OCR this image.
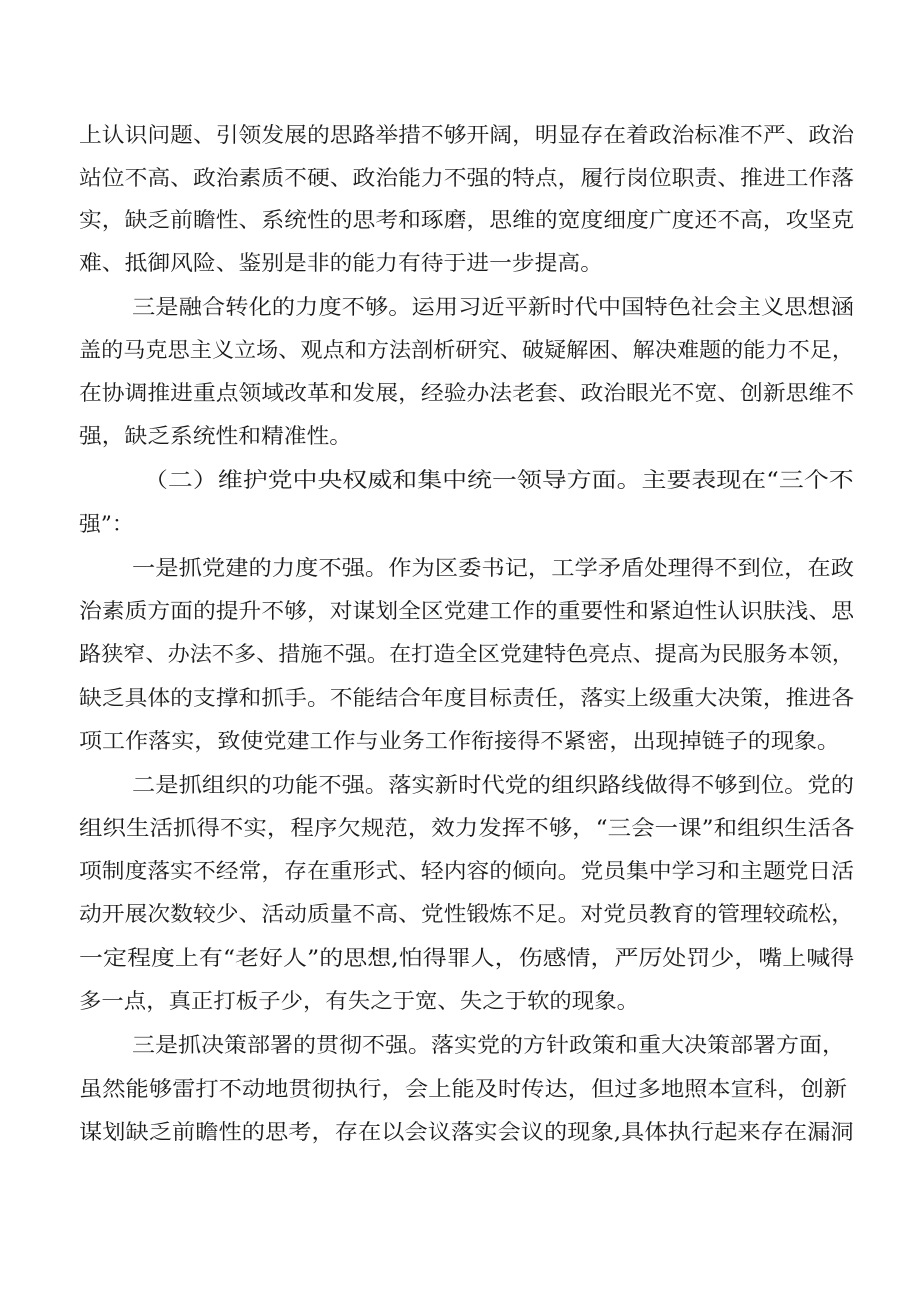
上认识问题、引领发展的思路举措不够开阔，明显存在着政治标准不严、政治
站位不高、政治素质不硬、政治能力不强的特点，履行岗位职责、推进工作落
实，缺乏前瞻性、系统性的思考和琢磨，思维的宽度细度广度还不高，攻坚克
难、抵御风险、鉴别是非的能力有待于进一步提高。
三是融合转化的力度不够。运用习近平新时代中国特色社会主义思想涵
盖的马克思主义立场、观点和方法剖析研究、破疑解困、解决难题的能力不足，
在协调推进重点领域改革和发展，经验办法老套、政治眼光不宽、创新思维不
强，缺乏系统性和精准性。
（二）维护党中央权威和集中统一领导方面。主要表现在“三个不
强”：
一是抓党建的力度不强。作为区委书记，工学矛盾处理得不到位，在政
治素质方面的提升不够，对谋划全区党建工作的重要性和紧迫性认识肤浅、思
路狭窄、办法不多、措施不强。在打造全区党建特色亮点、提高为民服务本领，
缺乏具体的支撑和抓手。不能结合年度目标责任，落实上级重大决策，推进各
项工作落实，致使党建工作与业务工作衔接得不紧密，出现掉链子的现象。
二是抓组织的功能不强。落实新时代党的组织路线做得不够到位。党的
组织生活抓得不实，程序欠规范，效力发挥不够，“三会一课”和组织生活各
项制度落实不经常，存在重形式、轻内容的倾向。党员集中学习和主题党日活
动开展次数较少、活动质量不高、党性锻炼不足。对党员教育的管理较疏松，
一定程度上有“老好人”的思想,怕得罪人，伤感情，严厉处罚少，嘴上喊得
多一点，真正打板子少，有失之于宽、失之于软的现象。
三是抓决策部署的贯彻不强。落实党的方针政策和重大决策部署方面，
虽然能够雷打不动地贯彻执行，会上能及时传达，但过多地照本宣科，创新
谋划缺乏前瞻性的思考，存在以会议落实会议的现象,具体执行起来存在漏洞
